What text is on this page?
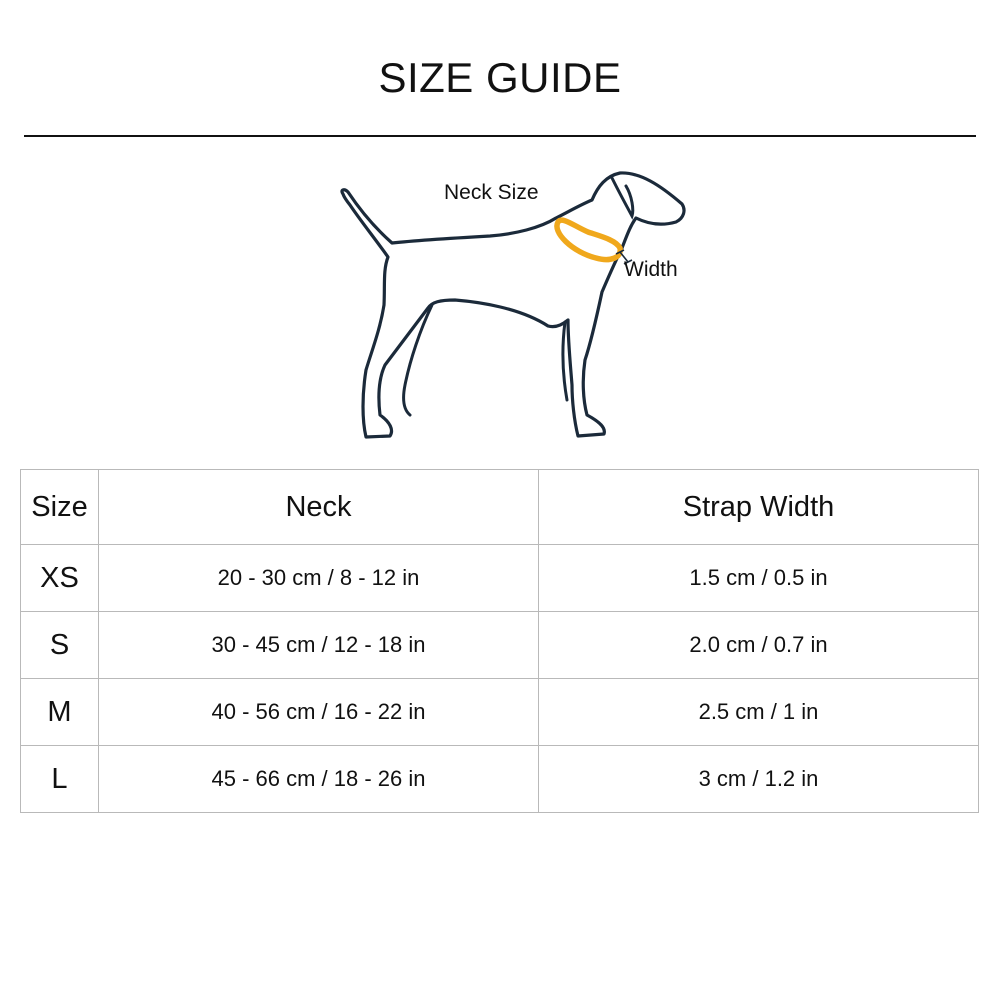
SIZE GUIDE
Neck Size
Width
Size	Neck	Strap Width
XS	20 - 30 cm / 8 - 12 in	1.5 cm / 0.5 in
S	30 - 45 cm / 12 - 18 in	2.0 cm / 0.7 in
M	40 - 56 cm / 16 - 22 in	2.5 cm / 1 in
L	45 - 66 cm / 18 - 26 in	3 cm / 1.2 in
